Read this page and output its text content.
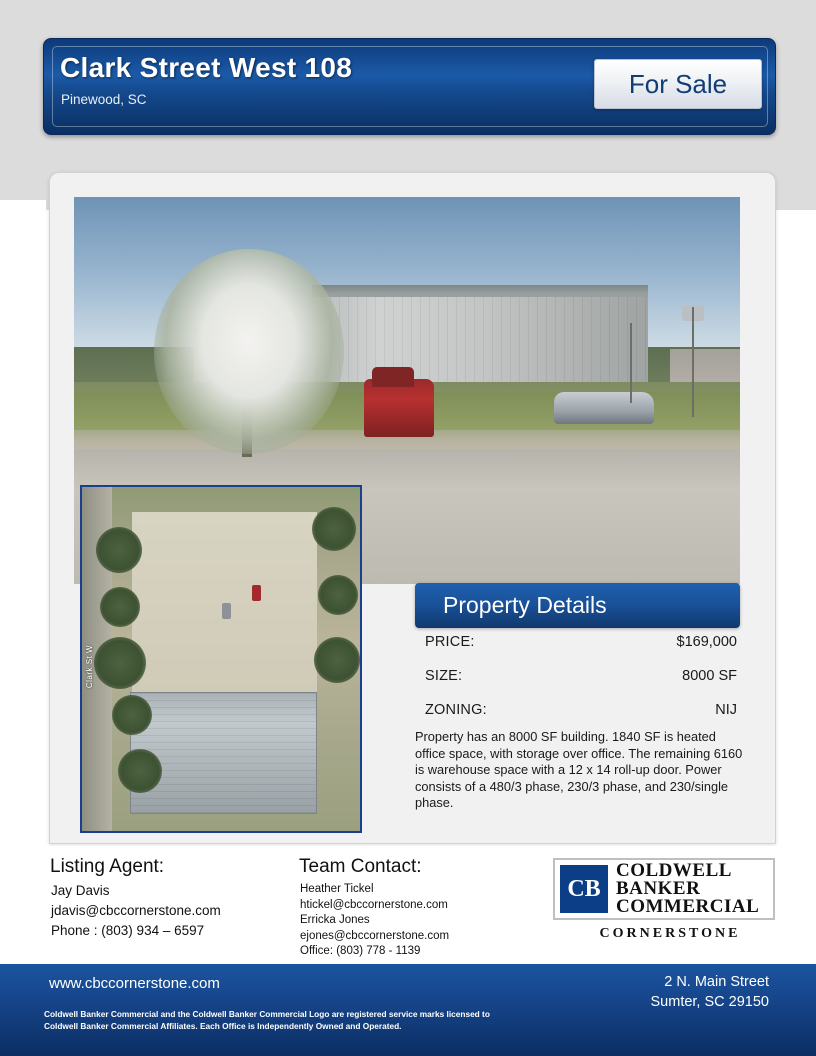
Clark Street West 108
Pinewood, SC
For Sale
Clark St W
Property Details
PRICE:	$169,000
SIZE:	8000 SF
ZONING:	NIJ
Property has an 8000 SF building. 1840 SF is heated office space, with storage over office. The remaining 6160 is warehouse space with a 12 x 14 roll-up door. Power consists of a 480/3 phase, 230/3 phase, and 230/single phase.
Listing Agent:
Jay Davis
jdavis@cbccornerstone.com
Phone : (803) 934 – 6597
Team Contact:
Heather Tickel
htickel@cbccornerstone.com
Erricka Jones
ejones@cbccornerstone.com
Office: (803) 778 - 1139
CB
COLDWELL
BANKER
COMMERCIAL
CORNERSTONE
www.cbccornerstone.com	2 N. Main Street
Sumter, SC 29150
Coldwell Banker Commercial and the Coldwell Banker Commercial Logo are registered service marks licensed to Coldwell Banker Commercial Affiliates. Each Office is Independently Owned and Operated.
